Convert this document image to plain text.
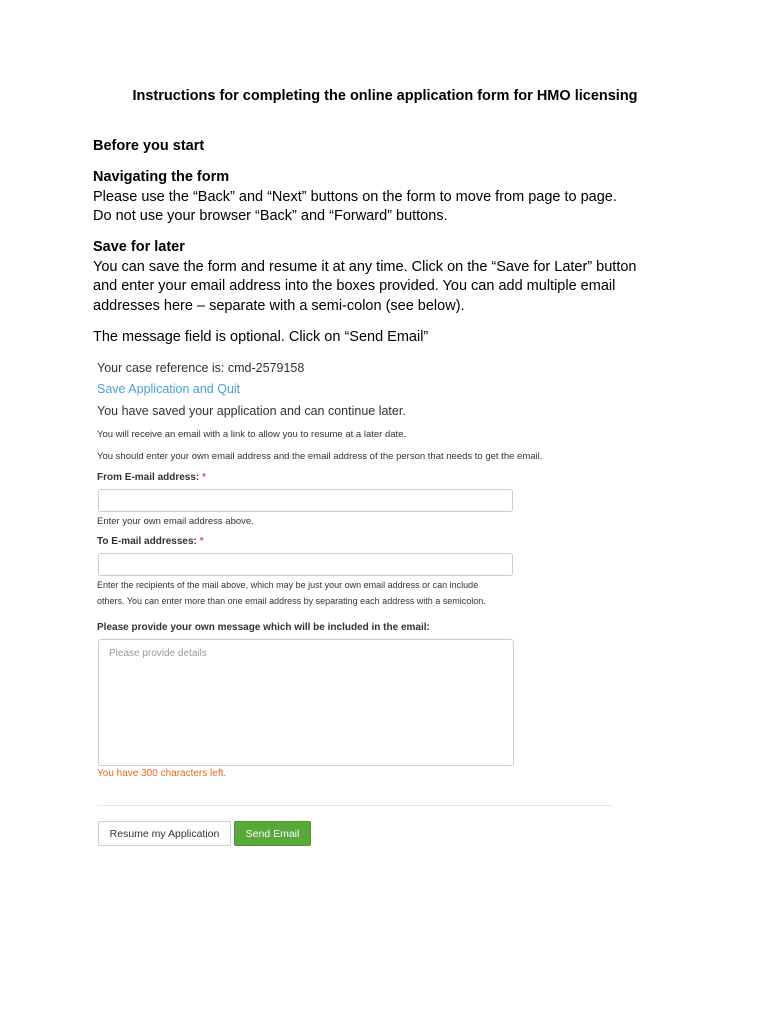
Instructions for completing the online application form for HMO licensing
Before you start
Navigating the form

Please use the “Back” and “Next” buttons on the form to move from page to page.

Do not use your browser “Back” and “Forward” buttons.

Save for later

You can save the form and resume it at any time. Click on the “Save for Later” button

and enter your email address into the boxes provided. You can add multiple email

addresses here – separate with a semi-colon (see below).

The message field is optional. Click on “Send Email”

Your case reference is: cmd-2579158
Save Application and Quit
You have saved your application and can continue later.
You will receive an email with a link to allow you to resume at a later date.
You should enter your own email address and the email address of the person that needs to get the email.
From E-mail address: *
Enter your own email address above.
To E-mail addresses: *
Enter the recipients of the mail above, which may be just your own email address or can include
others. You can enter more than one email address by separating each address with a semicolon.
Please provide your own message which will be included in the email:
Please provide details
You have 300 characters left.
Resume my Application	Send Email
